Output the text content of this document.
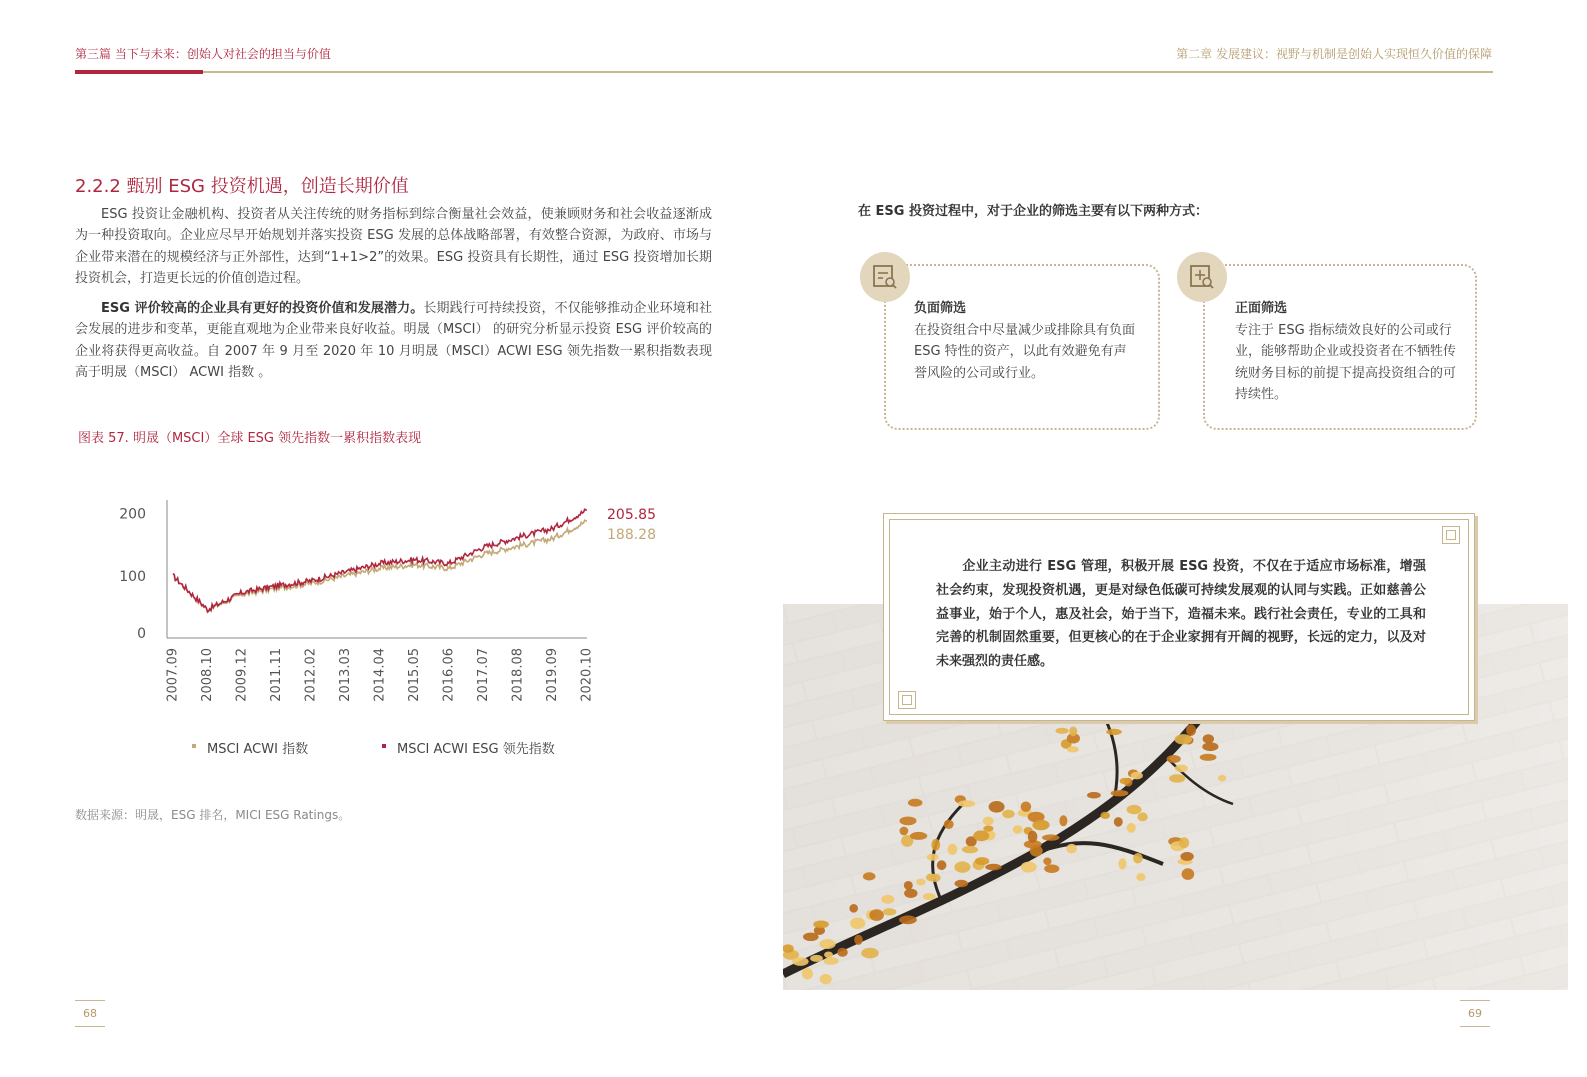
第三篇 当下与未来：创始人对社会的担当与价值	第二章 发展建议：视野与机制是创始人实现恒久价值的保障
2.2.2 甄别 ESG 投资机遇，创造长期价值
ESG 投资让金融机构、投资者从关注传统的财务指标到综合衡量社会效益，使兼顾财务和社会收益逐渐成为一种投资取向。企业应尽早开始规划并落实投资 ESG 发展的总体战略部署，有效整合资源，为政府、市场与企业带来潜在的规模经济与正外部性，达到“1+1>2”的效果。ESG 投资具有长期性，通过 ESG 投资增加长期投资机会，打造更长远的价值创造过程。
ESG 评价较高的企业具有更好的投资价值和发展潜力。长期践行可持续投资，不仅能够推动企业环境和社会发展的进步和变革，更能直观地为企业带来良好收益。明晟（MSCI） 的研究分析显示投资 ESG 评价较高的企业将获得更高收益。自 2007 年 9 月至 2020 年 10 月明晟（MSCI）ACWI ESG 领先指数一累积指数表现高于明晟（MSCI） ACWI 指数 。
图表 57. 明晟（MSCI）全球 ESG 领先指数一累积指数表现
200
100
0
2007.09 2008.10 2009.12 2011.11 2012.02 2013.03 2014.04 2015.05 2016.06 2017.07 2018.08 2019.09 2020.10
205.85
188.28
MSCI ACWI 指数	MSCI ACWI ESG 领先指数
数据来源：明晟，ESG 排名，MICI ESG Ratings。
68
在 ESG 投资过程中，对于企业的筛选主要有以下两种方式：
负面筛选
在投资组合中尽量减少或排除具有负面 ESG 特性的资产，以此有效避免有声誉风险的公司或行业。
正面筛选
专注于 ESG 指标绩效良好的公司或行业，能够帮助企业或投资者在不牺牲传统财务目标的前提下提高投资组合的可持续性。
企业主动进行 ESG 管理，积极开展 ESG 投资，不仅在于适应市场标准，增强社会约束，发现投资机遇，更是对绿色低碳可持续发展观的认同与实践。正如慈善公益事业，始于个人，惠及社会，始于当下，造福未来。践行社会责任，专业的工具和完善的机制固然重要，但更核心的在于企业家拥有开阔的视野，长远的定力，以及对未来强烈的责任感。
69
